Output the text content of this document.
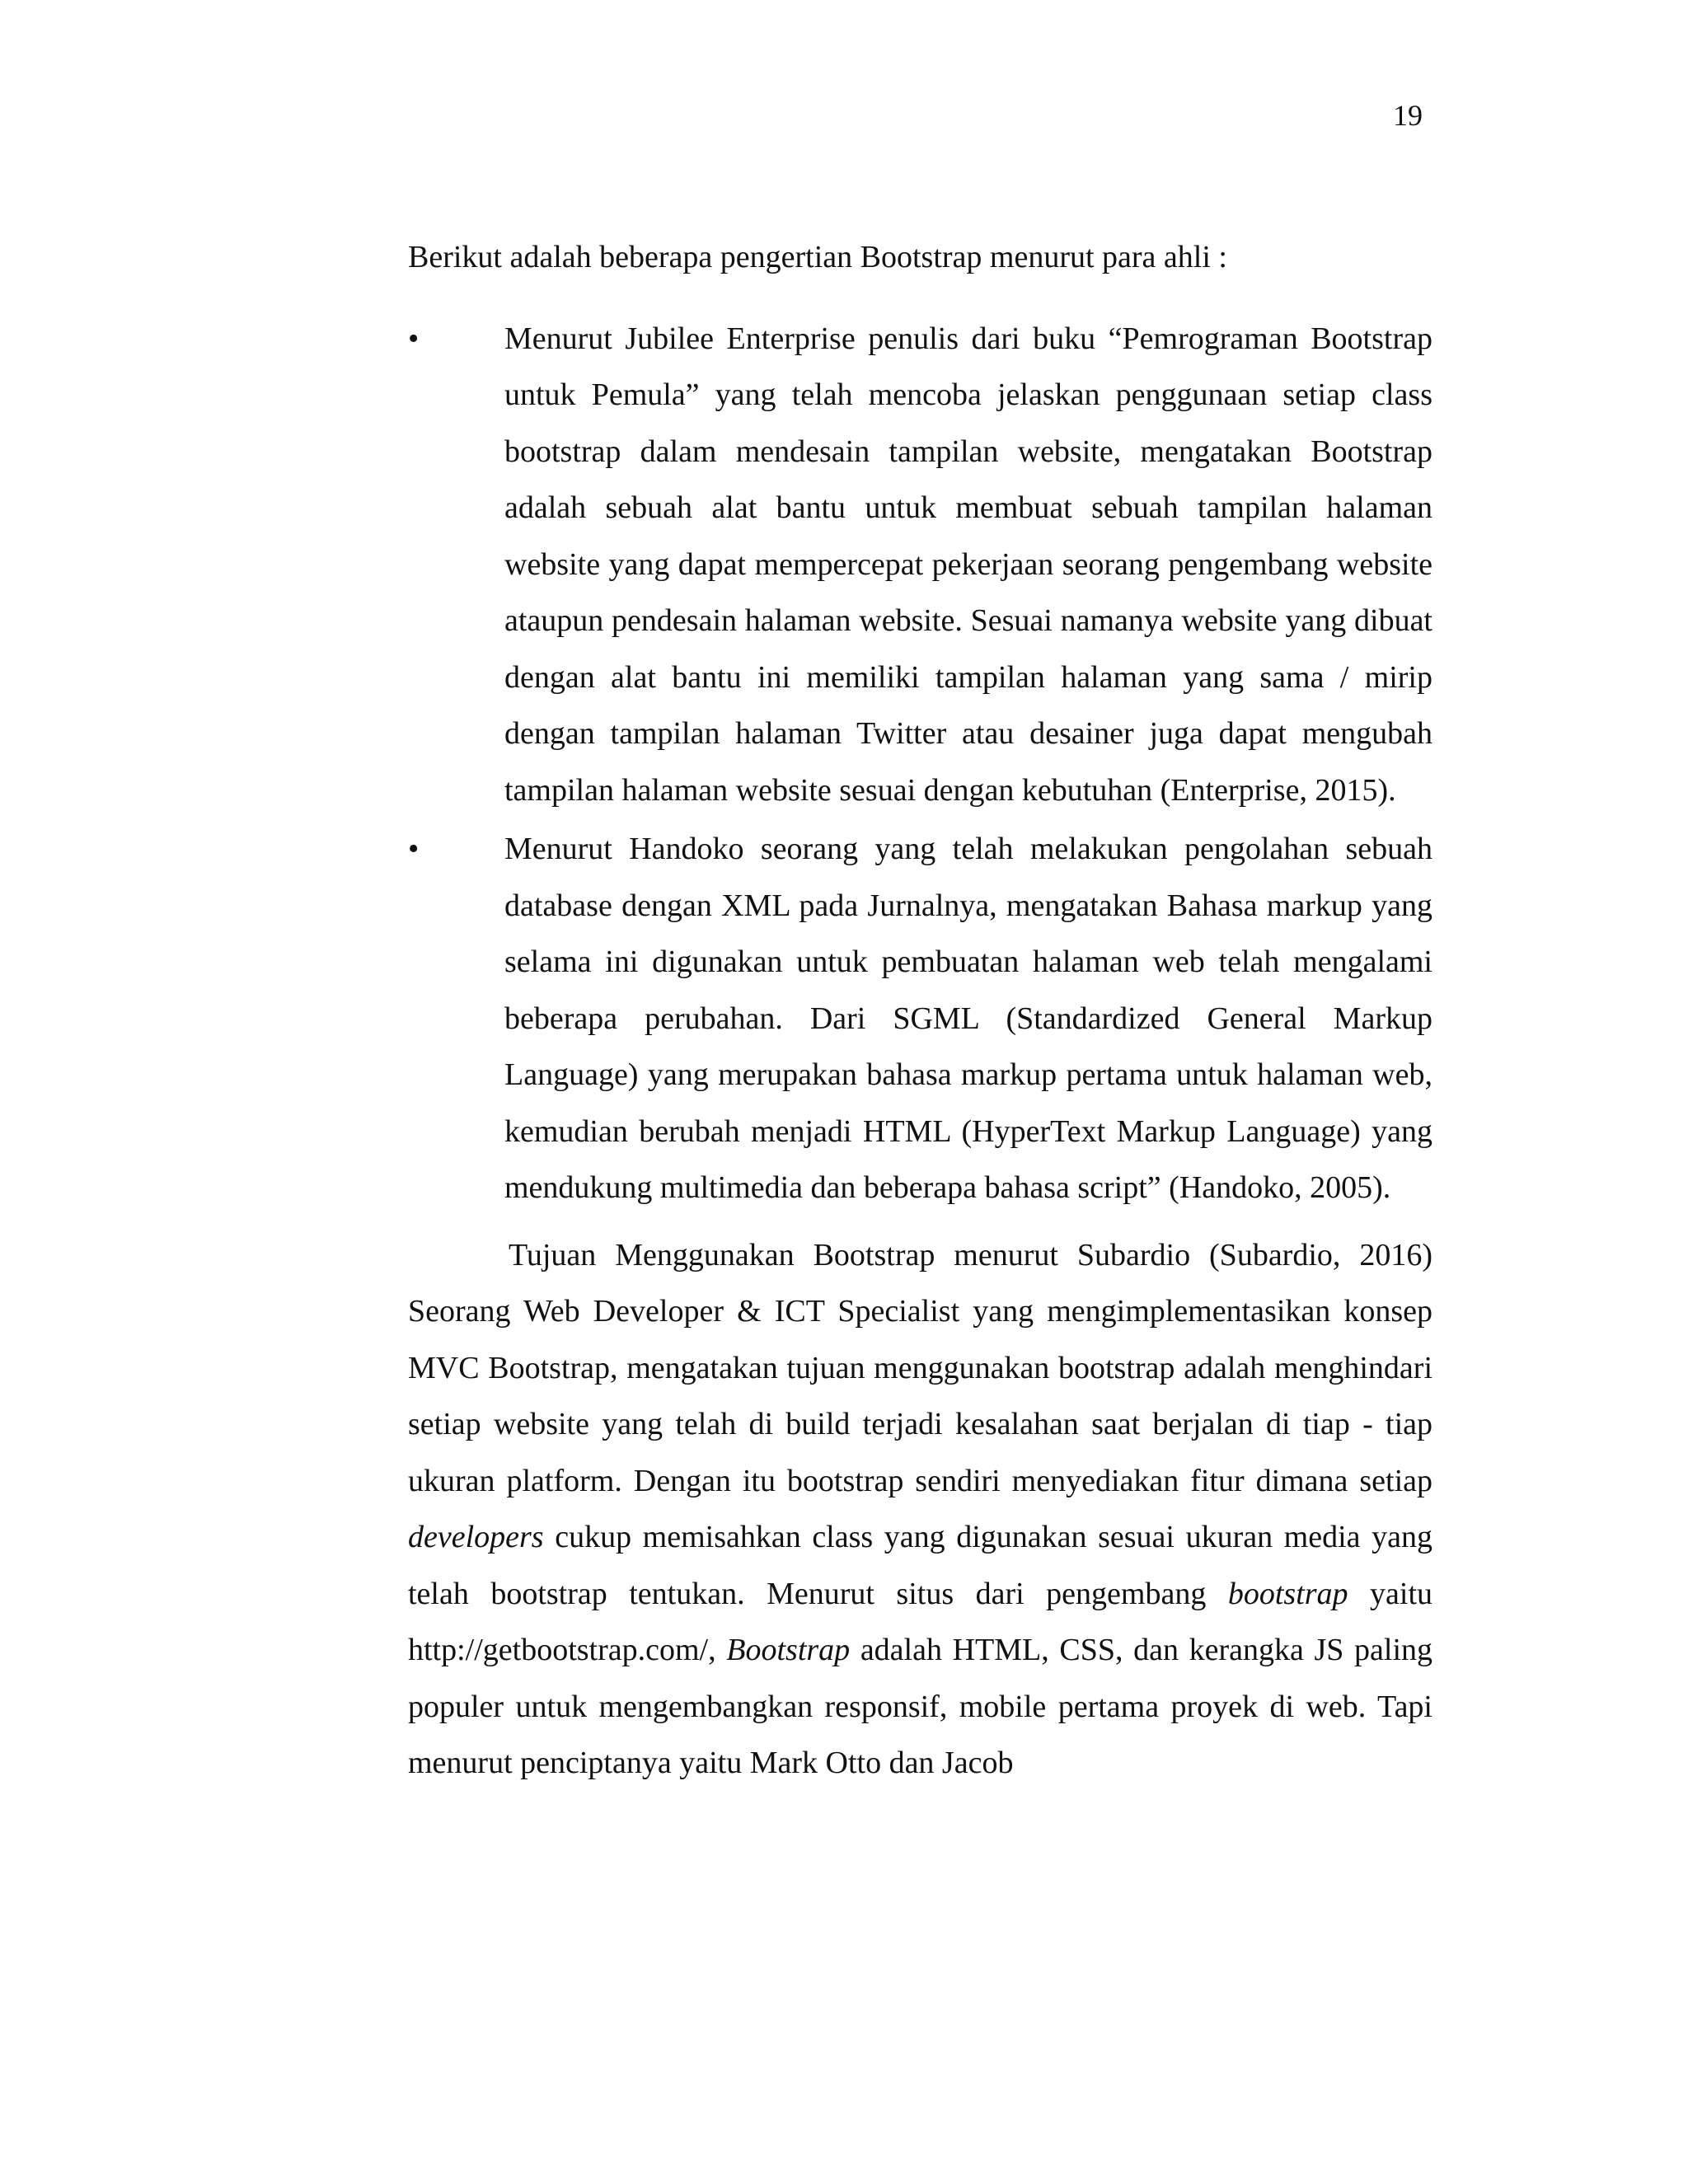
19

Berikut adalah beberapa pengertian Bootstrap menurut para ahli :

•	Menurut Jubilee Enterprise penulis dari buku “Pemrograman Bootstrap untuk Pemula” yang telah mencoba jelaskan penggunaan setiap class bootstrap dalam mendesain tampilan website, mengatakan Bootstrap adalah sebuah alat bantu untuk membuat sebuah tampilan halaman website yang dapat mempercepat pekerjaan seorang pengembang website ataupun pendesain halaman website. Sesuai namanya website yang dibuat dengan alat bantu ini memiliki tampilan halaman yang sama / mirip dengan tampilan halaman Twitter atau desainer juga dapat mengubah tampilan halaman website sesuai dengan kebutuhan (Enterprise, 2015).
•	Menurut Handoko seorang yang telah melakukan pengolahan sebuah database dengan XML pada Jurnalnya, mengatakan Bahasa markup yang selama ini digunakan untuk pembuatan halaman web telah mengalami beberapa perubahan. Dari SGML (Standardized General Markup Language) yang merupakan bahasa markup pertama untuk halaman web, kemudian berubah menjadi HTML (HyperText Markup Language) yang mendukung multimedia dan beberapa bahasa script” (Handoko, 2005).

Tujuan Menggunakan Bootstrap menurut Subardio (Subardio, 2016) Seorang Web Developer & ICT Specialist yang mengimplementasikan konsep MVC Bootstrap, mengatakan tujuan menggunakan bootstrap adalah menghindari setiap website yang telah di build terjadi kesalahan saat berjalan di tiap - tiap ukuran platform. Dengan itu bootstrap sendiri menyediakan fitur dimana setiap developers cukup memisahkan class yang digunakan sesuai ukuran media yang telah bootstrap tentukan. Menurut situs dari pengembang bootstrap yaitu http://getbootstrap.com/, Bootstrap adalah HTML, CSS, dan kerangka JS paling populer untuk mengembangkan responsif, mobile pertama proyek di web. Tapi menurut penciptanya yaitu Mark Otto dan Jacob
